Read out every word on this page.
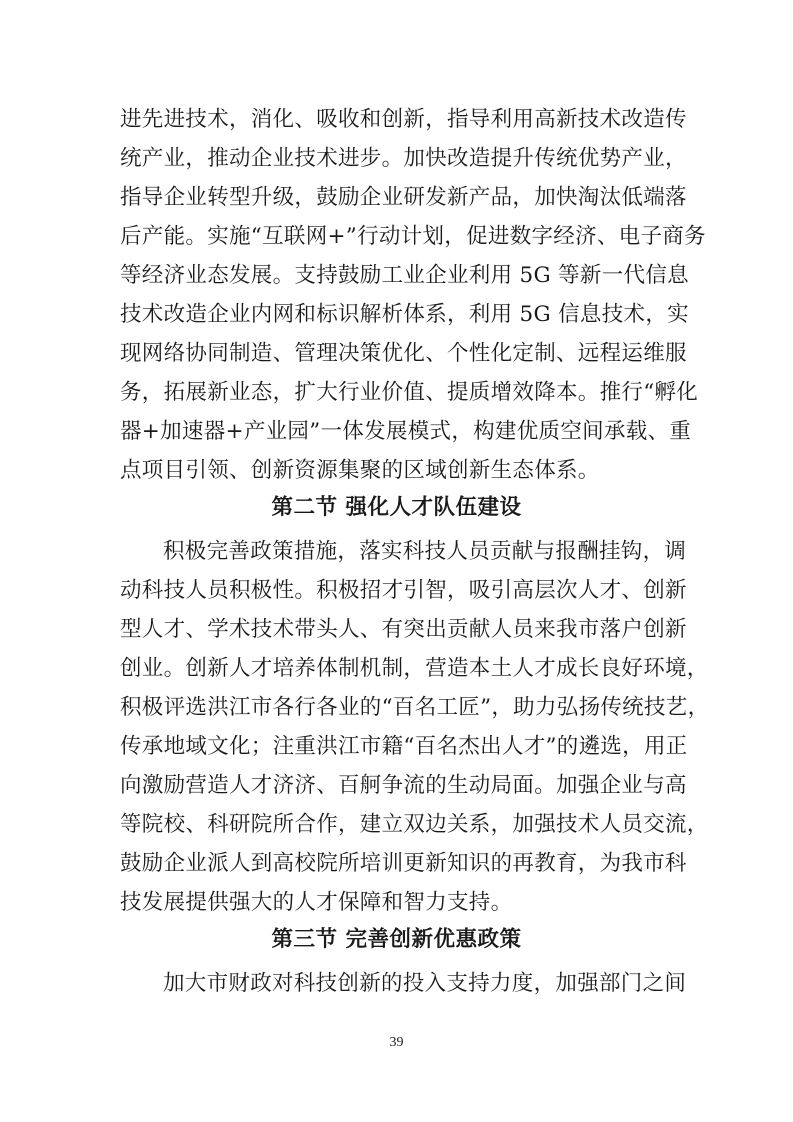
进先进技术，消化、吸收和创新，指导利用高新技术改造传
统产业，推动企业技术进步。加快改造提升传统优势产业，
指导企业转型升级，鼓励企业研发新产品，加快淘汰低端落
后产能。实施“互联网+”行动计划，促进数字经济、电子商务
等经济业态发展。支持鼓励工业企业利用 5G 等新一代信息
技术改造企业内网和标识解析体系，利用 5G 信息技术，实
现网络协同制造、管理决策优化、个性化定制、远程运维服
务，拓展新业态，扩大行业价值、提质增效降本。推行“孵化
器+加速器+产业园”一体发展模式，构建优质空间承载、重
点项目引领、创新资源集聚的区域创新生态体系。
第二节 强化人才队伍建设
积极完善政策措施，落实科技人员贡献与报酬挂钩，调
动科技人员积极性。积极招才引智，吸引高层次人才、创新
型人才、学术技术带头人、有突出贡献人员来我市落户创新
创业。创新人才培养体制机制，营造本土人才成长良好环境，
积极评选洪江市各行各业的“百名工匠”，助力弘扬传统技艺，
传承地域文化；注重洪江市籍“百名杰出人才”的遴选，用正
向激励营造人才济济、百舸争流的生动局面。加强企业与高
等院校、科研院所合作，建立双边关系，加强技术人员交流，
鼓励企业派人到高校院所培训更新知识的再教育，为我市科
技发展提供强大的人才保障和智力支持。
第三节 完善创新优惠政策
加大市财政对科技创新的投入支持力度，加强部门之间
39
